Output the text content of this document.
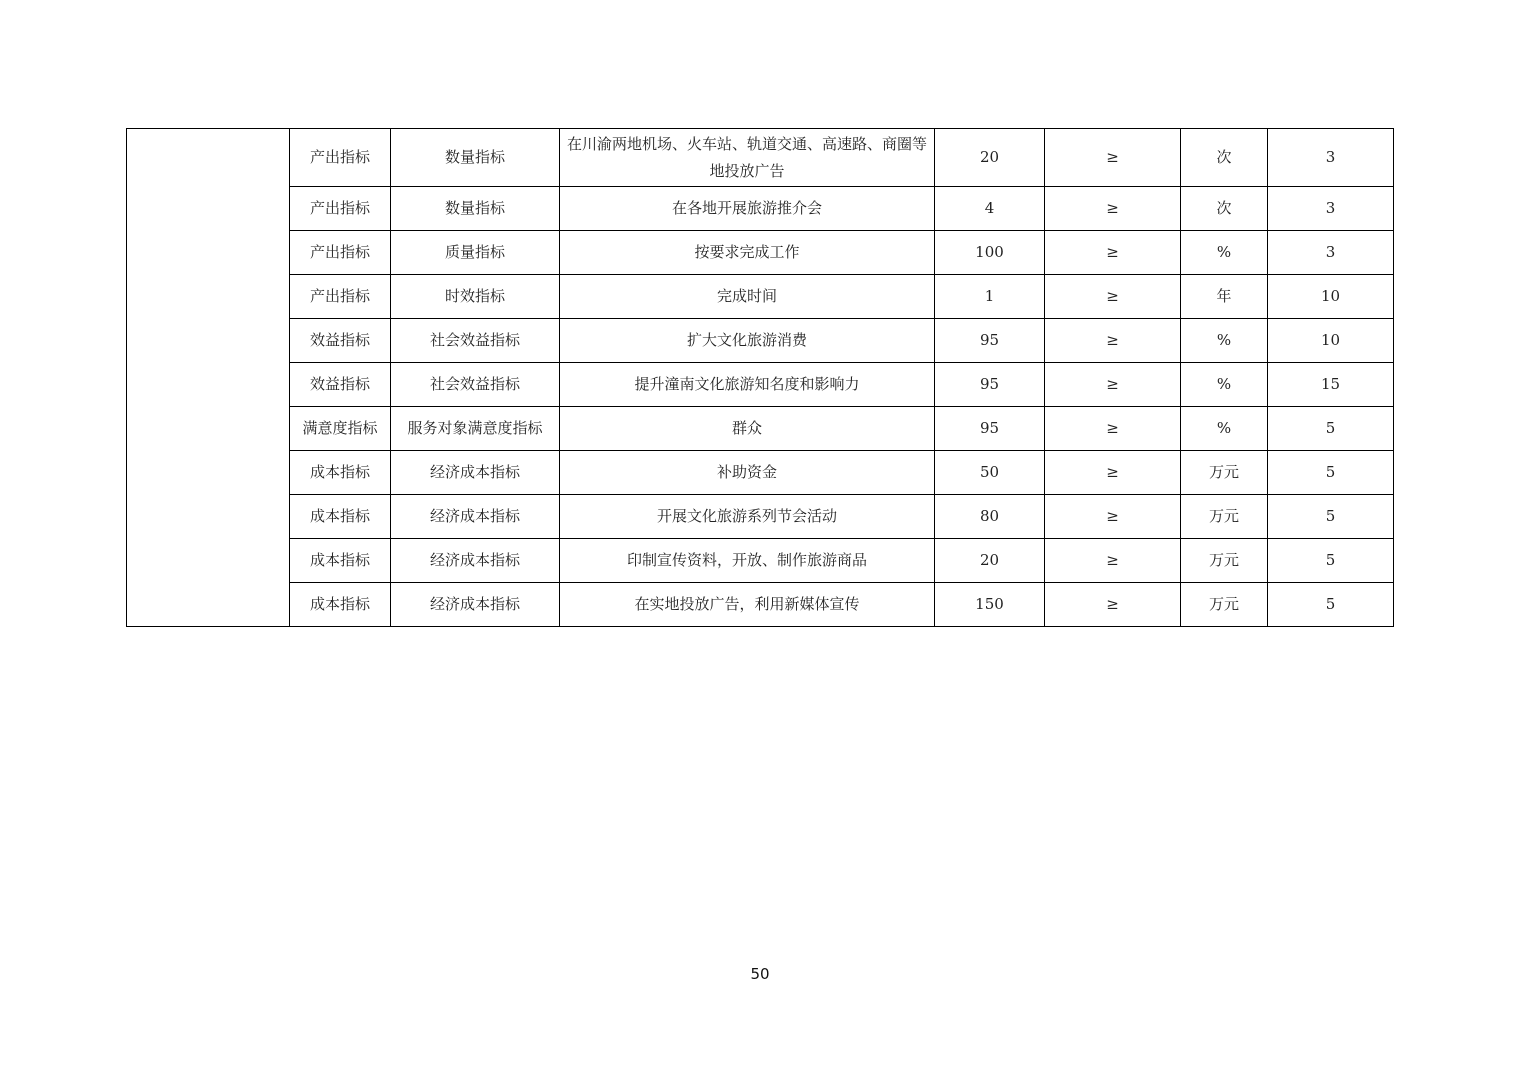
	产出指标	数量指标	在川渝两地机场、火车站、轨道交通、高速路、商圈等地投放广告	20	≥	次	3
	产出指标	数量指标	在各地开展旅游推介会	4	≥	次	3
	产出指标	质量指标	按要求完成工作	100	≥	%	3
	产出指标	时效指标	完成时间	1	≥	年	10
	效益指标	社会效益指标	扩大文化旅游消费	95	≥	%	10
	效益指标	社会效益指标	提升潼南文化旅游知名度和影响力	95	≥	%	15
	满意度指标	服务对象满意度指标	群众	95	≥	%	5
	成本指标	经济成本指标	补助资金	50	≥	万元	5
	成本指标	经济成本指标	开展文化旅游系列节会活动	80	≥	万元	5
	成本指标	经济成本指标	印制宣传资料，开放、制作旅游商品	20	≥	万元	5
	成本指标	经济成本指标	在实地投放广告，利用新媒体宣传	150	≥	万元	5
50
